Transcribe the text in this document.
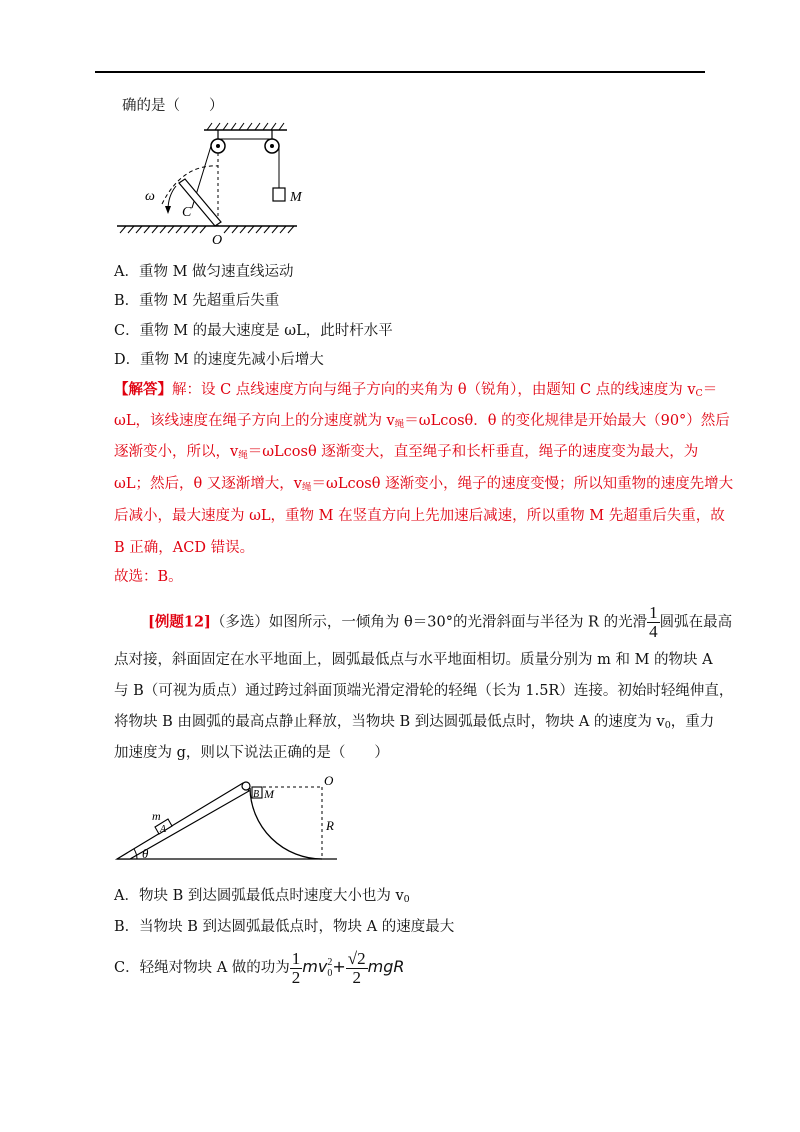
确的是（　　）
ω
C
O
M
A．重物 M 做匀速直线运动
B．重物 M 先超重后失重
C．重物 M 的最大速度是 ωL，此时杆水平
D．重物 M 的速度先减小后增大
【解答】解：设 C 点线速度方向与绳子方向的夹角为 θ（锐角），由题知 C 点的线速度为 $v_C=$
ωL，该线速度在绳子方向上的分速度就为 $v_绳=\omega Lcos\theta$．θ 的变化规律是开始最大（90°）然后
逐渐变小，所以，$v_绳=\omega Lcos\theta$ 逐渐变大，直至绳子和长杆垂直，绳子的速度变为最大，为
ωL；然后，θ 又逐渐增大，$v_绳=\omega Lcos\theta$ 逐渐变小，绳子的速度变慢；所以知重物的速度先增大
后减小，最大速度为 ωL，重物 M 在竖直方向上先加速后减速，所以重物 M 先超重后失重，故
B 正确，ACD 错误。
故选：B。
[例题12]（多选）如图所示，一倾角为 θ＝30°的光滑斜面与半径为 R 的光滑 $\frac{1}{4}$ 圆弧在最高
点对接，斜面固定在水平地面上，圆弧最低点与水平地面相切。质量分别为 m 和 M 的物块 A
与 B（可视为质点）通过跨过斜面顶端光滑定滑轮的轻绳（长为 1.5R）连接。初始时轻绳伸直，
将物块 B 由圆弧的最高点静止释放，当物块 B 到达圆弧最低点时，物块 A 的速度为 $v_0$，重力
加速度为 g，则以下说法正确的是（　　）
O
B M
m
A	R
θ
A．物块 B 到达圆弧最低点时速度大小也为 $v_0$
B．当物块 B 到达圆弧最低点时，物块 A 的速度最大
C．轻绳对物块 A 做的功为 $\frac{1}{2}$ mv 2
$0 + \frac{√2}{2}$ mgR
